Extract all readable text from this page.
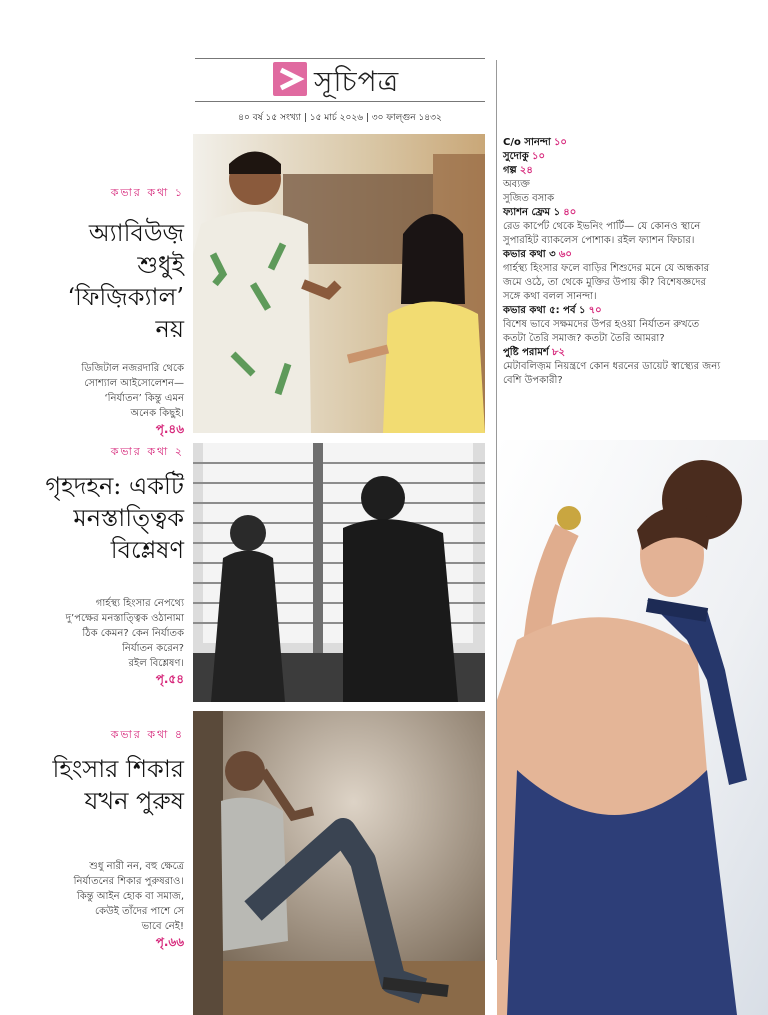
সূচিপত্র
৪০ বর্ষ ১৫ সংখ্যা | ১৫ মার্চ ২০২৬ | ৩০ ফাল্গুন ১৪৩২
কভার কথা ১
অ্যাবিউজ়
শুধুই
‘ফিজ়িক্যাল’
নয়
ডিজিটাল নজরদারি থেকে
সোশ্যাল আইসোলেশন—
‘নির্যাতন’ কিন্তু এমন
অনেক কিছুই।
পৃ.৪৬
কভার কথা ২
গৃহদহন: একটি
মনস্তাত্ত্বিক
বিশ্লেষণ
গার্হস্থ্য হিংসার নেপথ্যে
দু’পক্ষের মনস্তাত্ত্বিক ওঠানামা
ঠিক কেমন? কেন নির্যাতক
নির্যাতন করেন?
রইল বিশ্লেষণ।
পৃ.৫৪
কভার কথা ৪
হিংসার শিকার
যখন পুরুষ
শুধু নারী নন, বহু ক্ষেত্রে
নির্যাতনের শিকার পুরুষরাও।
কিন্তু আইন হোক বা সমাজ,
কেউই তাঁদের পাশে সে
ভাবে নেই!
পৃ.৬৬
C/o সানন্দা ১০
সুদোকু ১০
গল্প ২৪
অব্যক্ত
সুজিত বসাক
ফ্যাশন ফ্রেম ১ ৪০
রেড কার্পেট থেকে ইভনিং পার্টি— যে কোনও স্থানে সুপারহিট ব্যাকলেস পোশাক। রইল ফ্যাশন ফিচার।
কভার কথা ৩ ৬০
গার্হস্থ্য হিংসার ফলে বাড়ির শিশুদের মনে যে অন্ধকার জমে ওঠে, তা থেকে মুক্তির উপায় কী? বিশেষজ্ঞদের সঙ্গে কথা বলল সানন্দা।
কভার কথা ৫: পর্ব ১ ৭০
বিশেষ ভাবে সক্ষমদের উপর হওয়া নির্যাতন রুখতে কতটা তৈরি সমাজ? কতটা তৈরি আমরা?
পুষ্টি পরামর্শ ৮২
মেটাবলিজ়ম নিয়ন্ত্রণে কোন ধরনের ডায়েট স্বাস্থ্যের জন্য বেশি উপকারী?
